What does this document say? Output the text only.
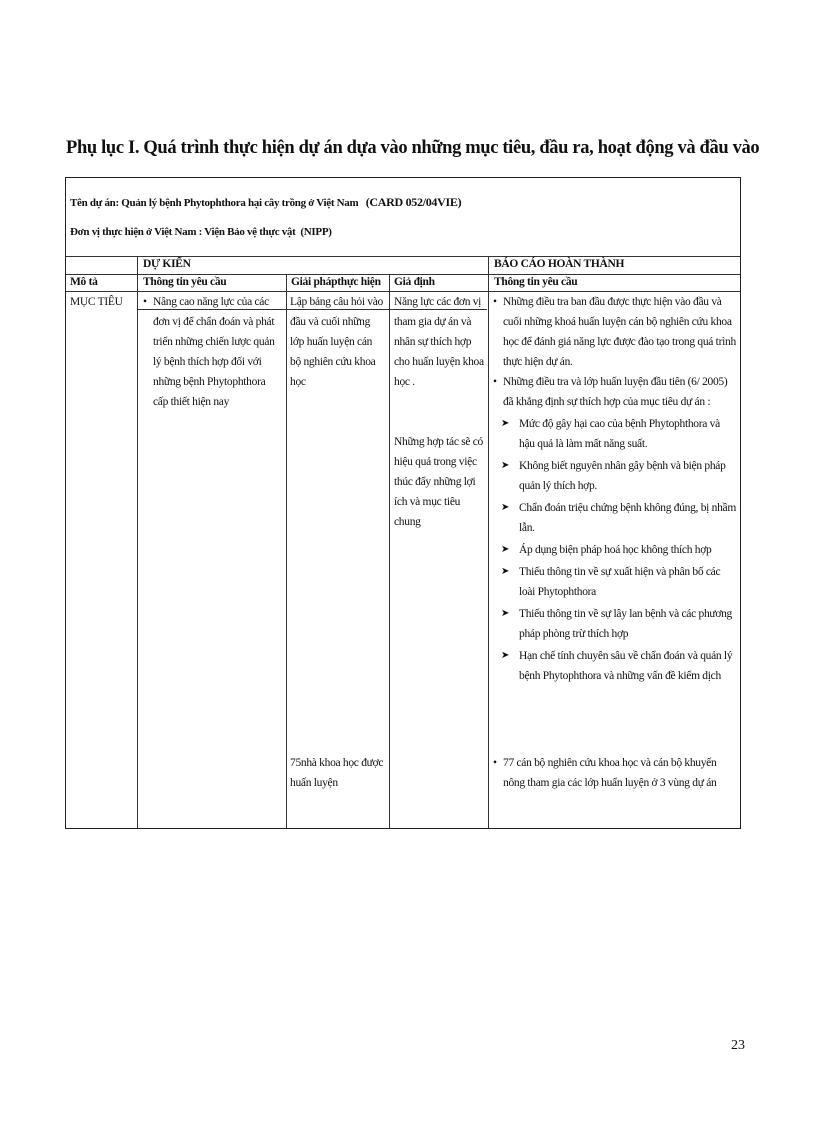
Phụ lục I. Quá trình thực hiện dự án dựa vào những mục tiêu, đầu ra, hoạt động và đầu vào
Tên dự án: Quản lý bệnh Phytophthora hại cây trồng ở Việt Nam (CARD 052/04VIE)
Đơn vị thực hiện ở Việt Nam : Viện Bảo vệ thực vật (NIPP)
DỰ KIẾN	BÁO CÁO HOÀN THÀNH
Mô tả	Thông tin yêu cầu	Giải phápthực hiện Giả định	Thông tin yêu cầu
MỤC TIÊU
•	Nâng cao năng lực của các đơn vị để chẩn đoán và phát triển những chiến lược quản lý bệnh thích hợp đối với những bệnh Phytophthora cấp thiết hiện nay
Lập bảng câu hỏi vào đầu và cuối những lớp huấn luyện cán bộ nghiên cứu khoa học
75nhà khoa học được huấn luyện
Năng lực các đơn vị tham gia dự án và nhân sự thích hợp cho huấn luyện khoa học .
Những hợp tác sẽ có hiệu quả trong việc thúc đẩy những lợi ích và mục tiêu chung
• Những điều tra ban đầu được thực hiện vào đầu và cuối những khoá huấn luyện cán bộ nghiên cứu khoa học để đánh giá năng lực được đào tạo trong quá trình thực hiện dự án.
• Những điều tra và lớp huấn luyện đầu tiên (6/ 2005) đã khẳng định sự thích hợp của mục tiêu dự án :
➤ Mức độ gây hại cao của bệnh Phytophthora và hậu quả là làm mất năng suất.
➤ Không biết nguyên nhân gây bệnh và biện pháp quản lý thích hợp.
➤ Chẩn đoán triệu chứng bệnh không đúng, bị nhầm lẫn.
➤ Áp dụng biện pháp hoá học không thích hợp
➤ Thiếu thông tin về sự xuất hiện và phân bố các loài Phytophthora
➤ Thiếu thông tin về sự lây lan bệnh và các phương pháp phòng trừ thích hợp
➤ Hạn chế tính chuyên sâu về chẩn đoán và quản lý bệnh Phytophthora và những vấn đề kiểm dịch
• 77 cán bộ nghiên cứu khoa học và cán bộ khuyến nông tham gia các lớp huấn luyện ở 3 vùng dự án
23
